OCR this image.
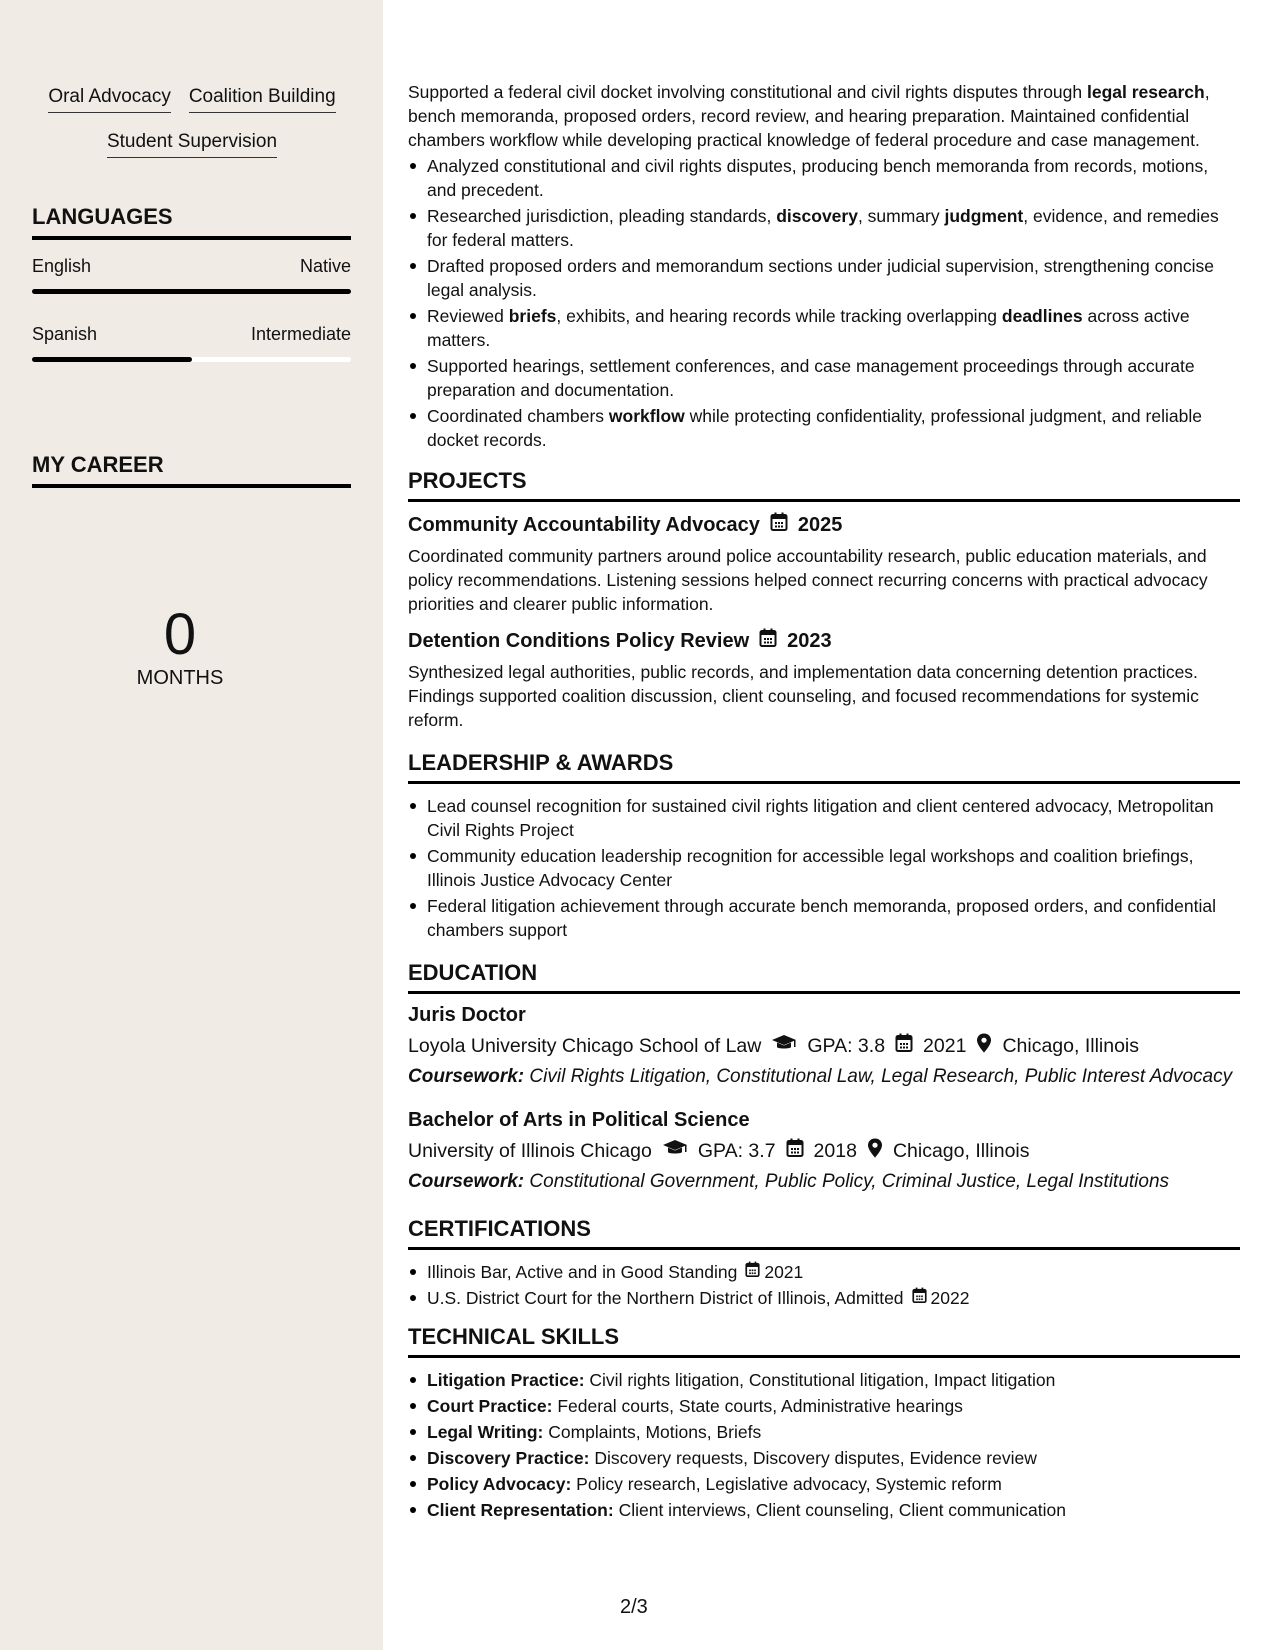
Oral Advocacy Coalition Building
Student Supervision
LANGUAGES
English	Native
Spanish	Intermediate
MY CAREER
0
MONTHS
Supported a federal civil docket involving constitutional and civil rights disputes through legal research, bench memoranda, proposed orders, record review, and hearing preparation. Maintained confidential chambers workflow while developing practical knowledge of federal procedure and case management.
Analyzed constitutional and civil rights disputes, producing bench memoranda from records, motions, and precedent.
Researched jurisdiction, pleading standards, discovery, summary judgment, evidence, and remedies for federal matters.
Drafted proposed orders and memorandum sections under judicial supervision, strengthening concise legal analysis.
Reviewed briefs, exhibits, and hearing records while tracking overlapping deadlines across active matters.
Supported hearings, settlement conferences, and case management proceedings through accurate preparation and documentation.
Coordinated chambers workflow while protecting confidentiality, professional judgment, and reliable docket records.
PROJECTS
Community Accountability Advocacy 2025
Coordinated community partners around police accountability research, public education materials, and policy recommendations. Listening sessions helped connect recurring concerns with practical advocacy priorities and clearer public information.
Detention Conditions Policy Review 2023
Synthesized legal authorities, public records, and implementation data concerning detention practices. Findings supported coalition discussion, client counseling, and focused recommendations for systemic reform.
LEADERSHIP & AWARDS
Lead counsel recognition for sustained civil rights litigation and client centered advocacy, Metropolitan Civil Rights Project
Community education leadership recognition for accessible legal workshops and coalition briefings, Illinois Justice Advocacy Center
Federal litigation achievement through accurate bench memoranda, proposed orders, and confidential chambers support
EDUCATION
Juris Doctor
Loyola University Chicago School of Law GPA: 3.8 2021 Chicago, Illinois
Coursework: Civil Rights Litigation, Constitutional Law, Legal Research, Public Interest Advocacy
Bachelor of Arts in Political Science
University of Illinois Chicago GPA: 3.7 2018 Chicago, Illinois
Coursework: Constitutional Government, Public Policy, Criminal Justice, Legal Institutions
CERTIFICATIONS
Illinois Bar, Active and in Good Standing 2021
U.S. District Court for the Northern District of Illinois, Admitted 2022
TECHNICAL SKILLS
Litigation Practice: Civil rights litigation, Constitutional litigation, Impact litigation
Court Practice: Federal courts, State courts, Administrative hearings
Legal Writing: Complaints, Motions, Briefs
Discovery Practice: Discovery requests, Discovery disputes, Evidence review
Policy Advocacy: Policy research, Legislative advocacy, Systemic reform
Client Representation: Client interviews, Client counseling, Client communication
2/3
